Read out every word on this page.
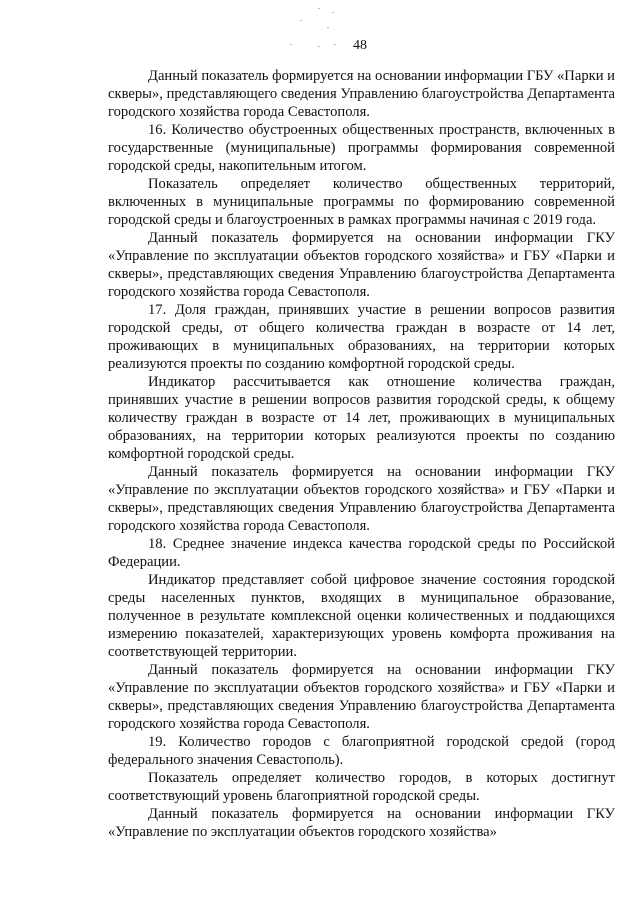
48

Данный показатель формируется на основании информации ГБУ «Парки и скверы», представляющего сведения Управлению благоустройства Департамента городского хозяйства города Севастополя.

16. Количество обустроенных общественных пространств, включенных в государственные (муниципальные) программы формирования современной городской среды, накопительным итогом.

Показатель определяет количество общественных территорий, включенных в муниципальные программы по формированию современной городской среды и благоустроенных в рамках программы начиная с 2019 года.

Данный показатель формируется на основании информации ГКУ «Управление по эксплуатации объектов городского хозяйства» и ГБУ «Парки и скверы», представляющих сведения Управлению благоустройства Департамента городского хозяйства города Севастополя.

17. Доля граждан, принявших участие в решении вопросов развития городской среды, от общего количества граждан в возрасте от 14 лет, проживающих в муниципальных образованиях, на территории которых реализуются проекты по созданию комфортной городской среды.

Индикатор рассчитывается как отношение количества граждан, принявших участие в решении вопросов развития городской среды, к общему количеству граждан в возрасте от 14 лет, проживающих в муниципальных образованиях, на территории которых реализуются проекты по созданию комфортной городской среды.

Данный показатель формируется на основании информации ГКУ «Управление по эксплуатации объектов городского хозяйства» и ГБУ «Парки и скверы», представляющих сведения Управлению благоустройства Департамента городского хозяйства города Севастополя.

18. Среднее значение индекса качества городской среды по Российской Федерации.

Индикатор представляет собой цифровое значение состояния городской среды населенных пунктов, входящих в муниципальное образование, полученное в результате комплексной оценки количественных и поддающихся измерению показателей, характеризующих уровень комфорта проживания на соответствующей территории.

Данный показатель формируется на основании информации ГКУ «Управление по эксплуатации объектов городского хозяйства» и ГБУ «Парки и скверы», представляющих сведения Управлению благоустройства Департамента городского хозяйства города Севастополя.

19. Количество городов с благоприятной городской средой (город федерального значения Севастополь).

Показатель определяет количество городов, в которых достигнут соответствующий уровень благоприятной городской среды.

Данный показатель формируется на основании информации ГКУ «Управление по эксплуатации объектов городского хозяйства»
